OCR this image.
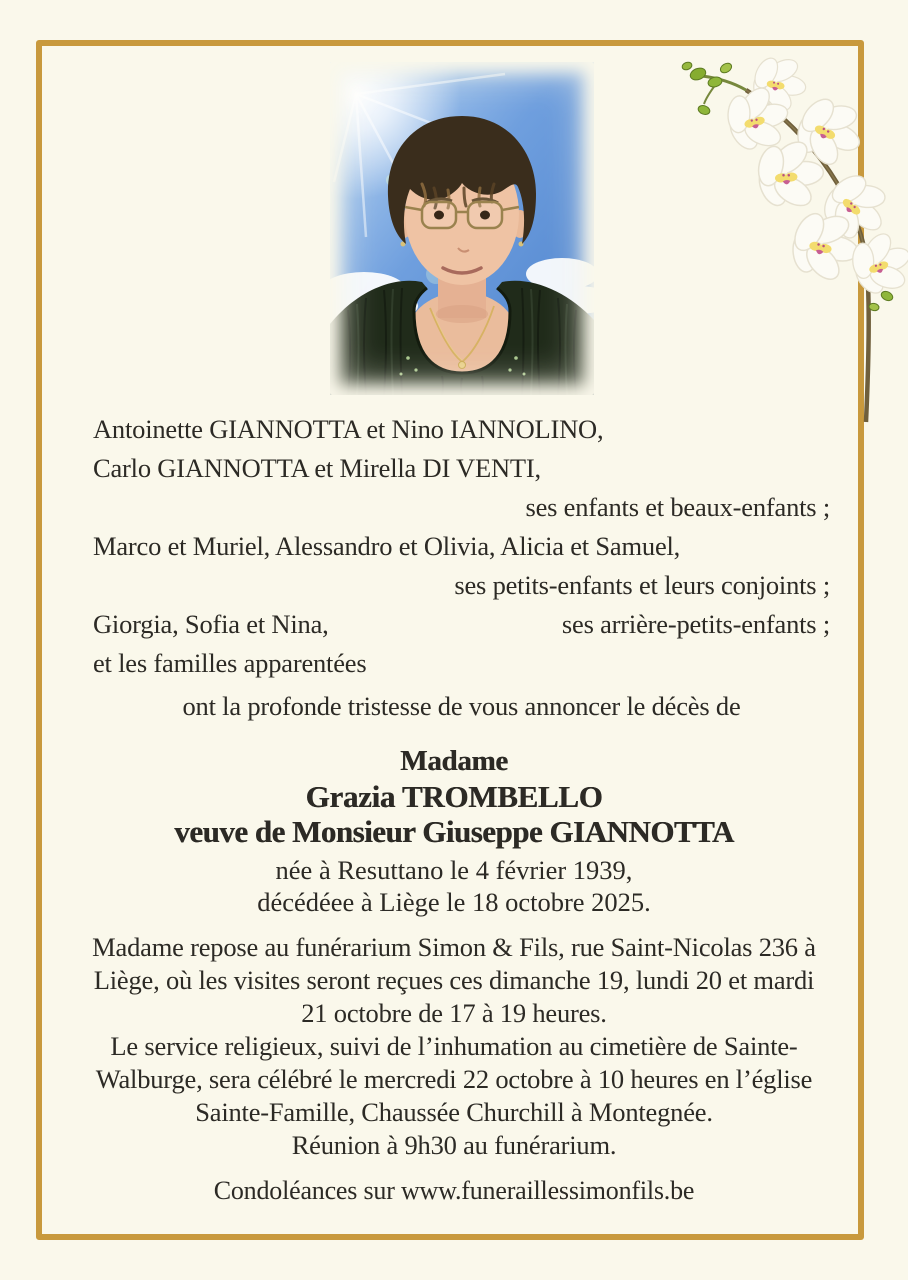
Antoinette GIANNOTTA et Nino IANNOLINO,
Carlo GIANNOTTA et Mirella DI VENTI,
ses enfants et beaux-enfants ;
Marco et Muriel, Alessandro et Olivia, Alicia et Samuel,
ses petits-enfants et leurs conjoints ;
Giorgia, Sofia et Nina,	ses arrière-petits-enfants ;
et les familles apparentées
ont la profonde tristesse de vous annoncer le décès de
Madame
Grazia TROMBELLO
veuve de Monsieur Giuseppe GIANNOTTA
née à Resuttano le 4 février 1939,
décédéee à Liège le 18 octobre 2025.
Madame repose au funérarium Simon & Fils, rue Saint-Nicolas 236 à Liège, où les visites seront reçues ces dimanche 19, lundi 20 et mardi 21 octobre de 17 à 19 heures.
Le service religieux, suivi de l’inhumation au cimetière de Sainte-Walburge, sera célébré le mercredi 22 octobre à 10 heures en l’église Sainte-Famille, Chaussée Churchill à Montegnée.
Réunion à 9h30 au funérarium.
Condoléances sur www.funeraillessimonfils.be
